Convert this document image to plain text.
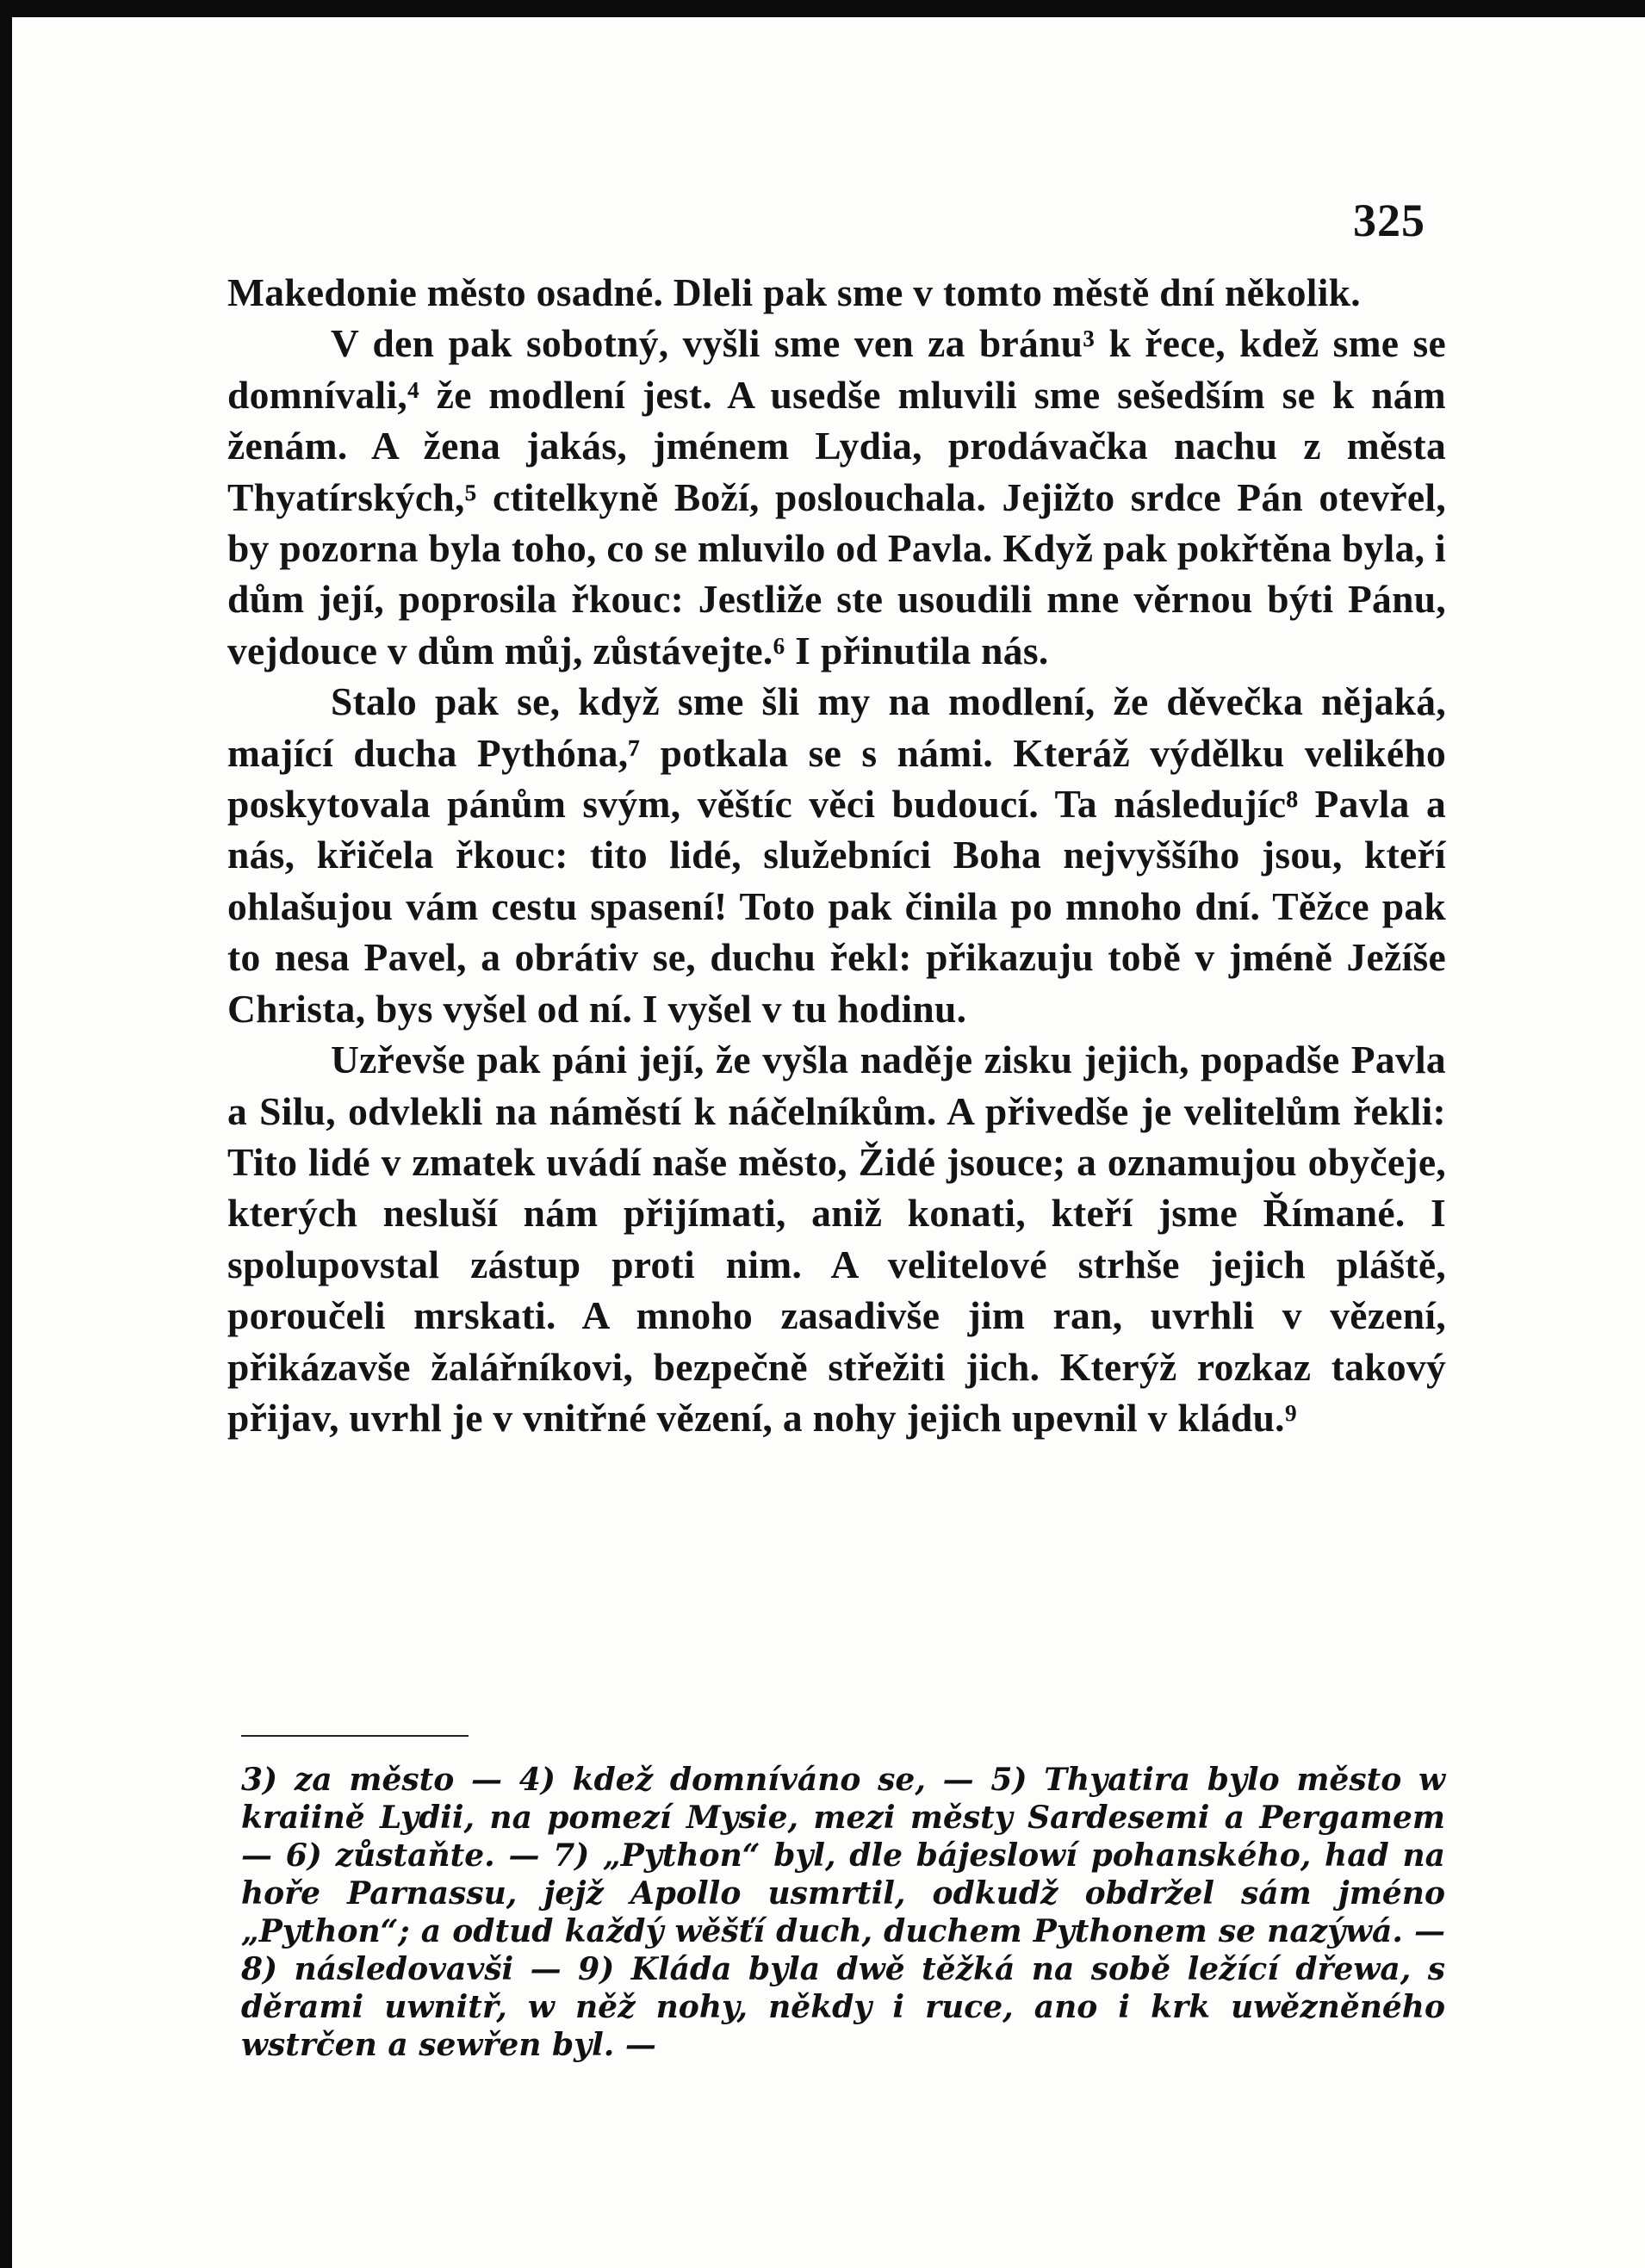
325

Makedonie město osadné. Dleli pak sme v tomto městě dní několik.

V den pak sobotný, vyšli sme ven za bránu³ k řece, kdež sme se domnívali,⁴ že modlení jest. A usedše mluvili sme sešedším se k nám ženám. A žena jakás, jménem Lydia, prodávačka nachu z města Thyatírských,⁵ ctitelkyně Boží, poslouchala. Jejižto srdce Pán otevřel, by pozorna byla toho, co se mluvilo od Pavla. Když pak pokřtěna byla, i dům její, poprosila řkouc: Jestliže ste usoudili mne věrnou býti Pánu, vejdouce v dům můj, zůstávejte.⁶ I přinutila nás.

Stalo pak se, když sme šli my na modlení, že děvečka nějaká, mající ducha Pythóna,⁷ potkala se s námi. Kteráž výdělku velikého poskytovala pánům svým, věštíc věci budoucí. Ta následujíc⁸ Pavla a nás, křičela řkouc: tito lidé, služebníci Boha nejvyššího jsou, kteří ohlašujou vám cestu spasení! Toto pak činila po mnoho dní. Těžce pak to nesa Pavel, a obrátiv se, duchu řekl: přikazuju tobě v jméně Ježíše Christa, bys vyšel od ní. I vyšel v tu hodinu.

Uzřevše pak páni její, že vyšla naděje zisku jejich, popadše Pavla a Silu, odvlekli na náměstí k náčelníkům. A přivedše je velitelům řekli: Tito lidé v zmatek uvádí naše město, Židé jsouce; a oznamujou obyčeje, kterých nesluší nám přijímati, aniž konati, kteří jsme Římané. I spolupovstal zástup proti nim. A velitelové strhše jejich pláště, poroučeli mrskati. A mnoho zasadivše jim ran, uvrhli v vězení, přikázavše žalářníkovi, bezpečně střežiti jich. Kterýž rozkaz takový přijav, uvrhl je v vnitřné vězení, a nohy jejich upevnil v kládu.⁹

3) za město — 4) kdež domníváno se, — 5) Thyatira bylo město w kraiině Lydii, na pomezí Mysie, mezi městy Sardesemi a Pergamem — 6) zůstaňte. — 7) „Python“ byl, dle bájeslowí pohanského, had na hoře Parnassu, jejž Apollo usmrtil, odkudž obdržel sám jméno „Python“; a odtud každý wěšťí duch, duchem Pythonem se nazýwá. — 8) následovavši — 9) Kláda byla dwě těžká na sobě ležící dřewa, s děrami uwnitř, w něž nohy, někdy i ruce, ano i krk uwězněného wstrčen a sewřen byl. —
